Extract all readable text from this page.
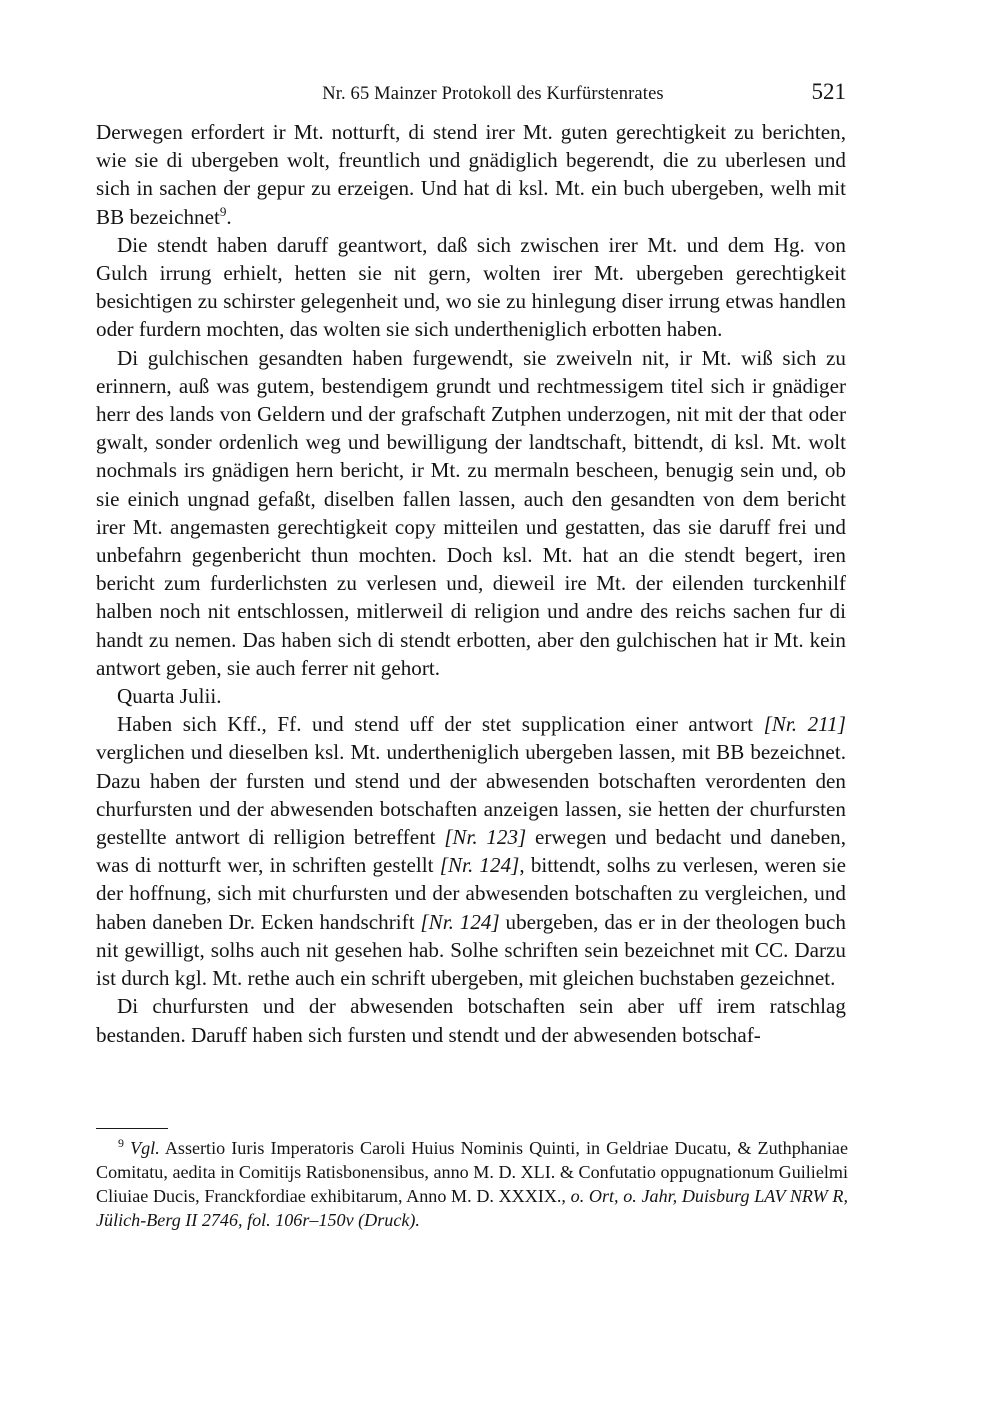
Nr. 65 Mainzer Protokoll des Kurfürstenrates	521

Derwegen erfordert ir Mt. notturft, di stend irer Mt. guten gerechtigkeit zu berichten, wie sie di ubergeben wolt, freuntlich und gnädiglich begerendt, die zu uberlesen und sich in sachen der gepur zu erzeigen. Und hat di ksl. Mt. ein buch ubergeben, welh mit BB bezeichnet$^9$.

Die stendt haben daruff geantwort, daß sich zwischen irer Mt. und dem Hg. von Gulch irrung erhielt, hetten sie nit gern, wolten irer Mt. ubergeben gerechtigkeit besichtigen zu schirster gelegenheit und, wo sie zu hinlegung diser irrung etwas handlen oder furdern mochten, das wolten sie sich undertheniglich erbotten haben.

Di gulchischen gesandten haben furgewendt, sie zweiveln nit, ir Mt. wiß sich zu erinnern, auß was gutem, bestendigem grundt und rechtmessigem titel sich ir gnädiger herr des lands von Geldern und der grafschaft Zutphen underzogen, nit mit der that oder gwalt, sonder ordenlich weg und bewilligung der landtschaft, bittendt, di ksl. Mt. wolt nochmals irs gnädigen hern bericht, ir Mt. zu mermaln bescheen, benugig sein und, ob sie einich ungnad gefaßt, diselben fallen lassen, auch den gesandten von dem bericht irer Mt. angemasten gerechtigkeit copy mitteilen und gestatten, das sie daruff frei und unbefahrn gegenbericht thun mochten. Doch ksl. Mt. hat an die stendt begert, iren bericht zum furderlichsten zu verlesen und, dieweil ire Mt. der eilenden turckenhilf halben noch nit entschlossen, mitlerweil di religion und andre des reichs sachen fur di handt zu nemen. Das haben sich di stendt erbotten, aber den gulchischen hat ir Mt. kein antwort geben, sie auch ferrer nit gehort.

Quarta Julii.

Haben sich Kff., Ff. und stend uff der stet supplication einer antwort [Nr. 211] verglichen und dieselben ksl. Mt. undertheniglich ubergeben lassen, mit BB bezeichnet. Dazu haben der fursten und stend und der abwesenden botschaften verordenten den churfursten und der abwesenden botschaften anzeigen lassen, sie hetten der churfursten gestellte antwort di relligion betreffent [Nr. 123] erwegen und bedacht und daneben, was di notturft wer, in schriften gestellt [Nr. 124], bittendt, solhs zu verlesen, weren sie der hoffnung, sich mit churfursten und der abwesenden botschaften zu vergleichen, und haben daneben Dr. Ecken handschrift [Nr. 124] ubergeben, das er in der theologen buch nit gewilligt, solhs auch nit gesehen hab. Solhe schriften sein bezeichnet mit CC. Darzu ist durch kgl. Mt. rethe auch ein schrift ubergeben, mit gleichen buchstaben gezeichnet.

Di churfursten und der abwesenden botschaften sein aber uff irem ratschlag bestanden. Daruff haben sich fursten und stendt und der abwesenden botschaf-

$^9$ Vgl. Assertio Iuris Imperatoris Caroli Huius Nominis Quinti, in Geldriae Ducatu, & Zuthphaniae Comitatu, aedita in Comitijs Ratisbonensibus, anno M. D. XLI. & Confutatio oppugnationum Guilielmi Cliuiae Ducis, Franckfordiae exhibitarum, Anno M. D. XXXIX., o. Ort, o. Jahr, Duisburg LAV NRW R, Jülich-Berg II 2746, fol. 106r–150v (Druck).
